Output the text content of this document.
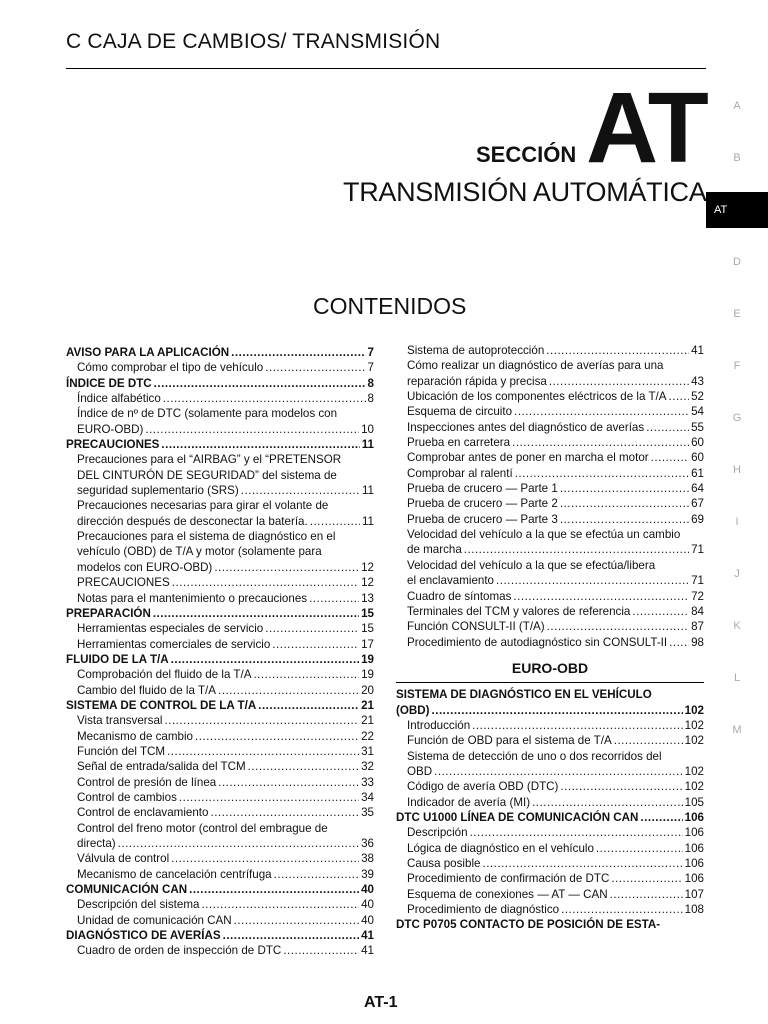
C CAJA DE CAMBIOS/ TRANSMISIÓN
SECCIÓN AT
TRANSMISIÓN AUTOMÁTICA
CONTENIDOS
A
B
AT
D
E
F
G
H
I
J
K
L
M
AVISO PARA LA APLICACIÓN .....	7
Cómo comprobar el tipo de vehículo .....	7
ÍNDICE DE DTC .....	8
Índice alfabético .....	8
Índice de nº de DTC (solamente para modelos con
EURO-OBD) .....	10
PRECAUCIONES .....	11
Precauciones para el “AIRBAG” y el “PRETENSOR
DEL CINTURÓN DE SEGURIDAD” del sistema de
seguridad suplementario (SRS) .....	11
Precauciones necesarias para girar el volante de
dirección después de desconectar la batería. .....	11
Precauciones para el sistema de diagnóstico en el
vehículo (OBD) de T/A y motor (solamente para
modelos con EURO-OBD) .....	12
PRECAUCIONES .....	12
Notas para el mantenimiento o precauciones .....	13
PREPARACIÓN .....	15
Herramientas especiales de servicio .....	15
Herramientas comerciales de servicio .....	17
FLUIDO DE LA T/A .....	19
Comprobación del fluido de la T/A .....	19
Cambio del fluido de la T/A .....	20
SISTEMA DE CONTROL DE LA T/A .....	21
Vista transversal .....	21
Mecanismo de cambio .....	22
Función del TCM .....	31
Señal de entrada/salida del TCM .....	32
Control de presión de línea .....	33
Control de cambios .....	34
Control de enclavamiento .....	35
Control del freno motor (control del embrague de
directa) .....	36
Válvula de control .....	38
Mecanismo de cancelación centrífuga .....	39
COMUNICACIÓN CAN .....	40
Descripción del sistema .....	40
Unidad de comunicación CAN .....	40
DIAGNÓSTICO DE AVERÍAS .....	41
Cuadro de orden de inspección de DTC .....	41
Sistema de autoprotección .....	41
Cómo realizar un diagnóstico de averías para una
reparación rápida y precisa .....	43
Ubicación de los componentes eléctricos de la T/A ..... 52
Esquema de circuito .....	54
Inspecciones antes del diagnóstico de averías .....	55
Prueba en carretera .....	60
Comprobar antes de poner en marcha el motor .....	60
Comprobar al ralentí .....	61
Prueba de crucero — Parte 1 .....	64
Prueba de crucero — Parte 2 .....	67
Prueba de crucero — Parte 3 .....	69
Velocidad del vehículo a la que se efectúa un cambio
de marcha .....	71
Velocidad del vehículo a la que se efectúa/libera
el enclavamiento .....	71
Cuadro de síntomas .....	72
Terminales del TCM y valores de referencia .....	84
Función CONSULT-II (T/A) .....	87
Procedimiento de autodiagnóstico sin CONSULT-II ..... 98
EURO-OBD
SISTEMA DE DIAGNÓSTICO EN EL VEHÍCULO
(OBD) .....	102
Introducción .....	102
Función de OBD para el sistema de T/A .....	102
Sistema de detección de uno o dos recorridos del
OBD .....	102
Código de avería OBD (DTC) .....	102
Indicador de avería (MI) .....	105
DTC U1000 LÍNEA DE COMUNICACIÓN CAN .....	106
Descripción .....	106
Lógica de diagnóstico en el vehículo .....	106
Causa posible .....	106
Procedimiento de confirmación de DTC .....	106
Esquema de conexiones — AT — CAN .....	107
Procedimiento de diagnóstico .....	108
DTC P0705 CONTACTO DE POSICIÓN DE ESTA-
AT-1
